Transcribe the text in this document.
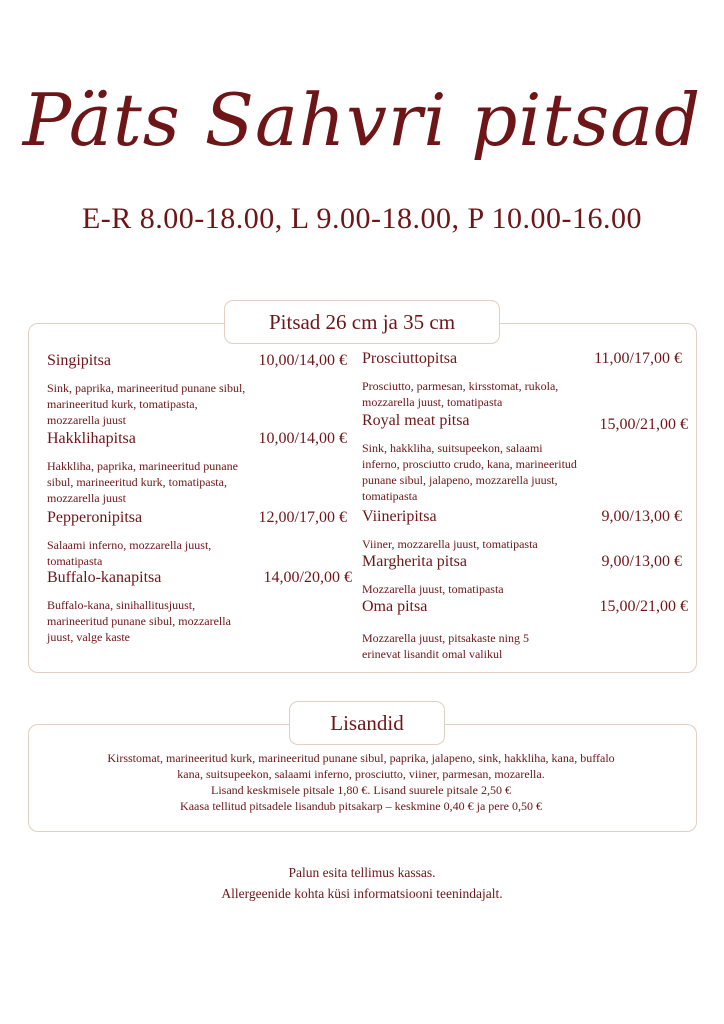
Päts Sahvri pitsad
E-R 8.00-18.00, L 9.00-18.00, P 10.00-16.00
Pitsad 26 cm ja 35 cm
Singipitsa	10,00/14,00 €
Sink, paprika, marineeritud punane sibul, marineeritud kurk, tomatipasta, mozzarella juust
Hakklihapitsa	10,00/14,00 €
Hakkliha, paprika, marineeritud punane sibul, marineeritud kurk, tomatipasta, mozzarella juust
Pepperonipitsa	12,00/17,00 €
Salaami inferno, mozzarella juust, tomatipasta
Buffalo-kanapitsa	14,00/20,00 €
Buffalo-kana, sinihallitusjuust, marineeritud punane sibul, mozzarella juust, valge kaste
Prosciuttopitsa	11,00/17,00 €
Prosciutto, parmesan, kirsstomat, rukola, mozzarella juust, tomatipasta
Royal meat pitsa	15,00/21,00 €
Sink, hakkliha, suitsupeekon, salaami inferno, prosciutto crudo, kana, marineeritud punane sibul, jalapeno, mozzarella juust, tomatipasta
Viineripitsa	9,00/13,00 €
Viiner, mozzarella juust, tomatipasta
Margherita pitsa	9,00/13,00 €
Mozzarella juust, tomatipasta
Oma pitsa	15,00/21,00 €
Mozzarella juust, pitsakaste ning 5 erinevat lisandit omal valikul
Lisandid
Kirsstomat, marineeritud kurk, marineeritud punane sibul, paprika, jalapeno, sink, hakkliha, kana, buffalo
kana, suitsupeekon, salaami inferno, prosciutto, viiner, parmesan, mozarella.
Lisand keskmisele pitsale 1,80 €. Lisand suurele pitsale 2,50 €
Kaasa tellitud pitsadele lisandub pitsakarp – keskmine 0,40 € ja pere 0,50 €
Palun esita tellimus kassas.
Allergeenide kohta küsi informatsiooni teenindajalt.
